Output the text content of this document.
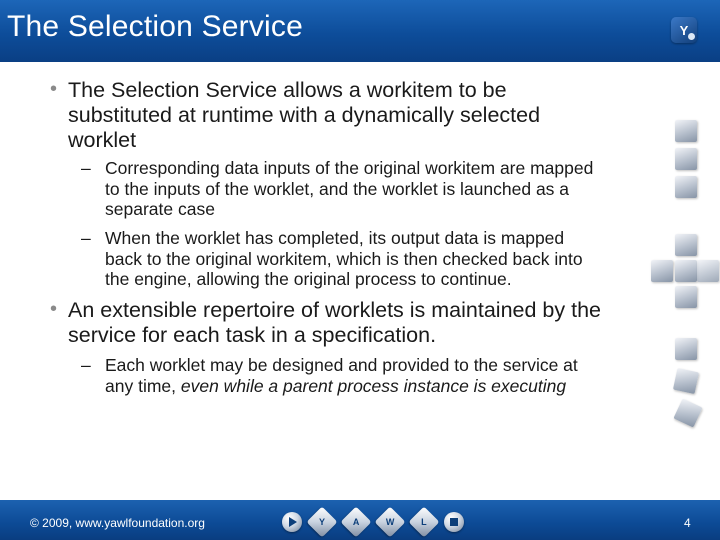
The Selection Service	Y
• The Selection Service allows a workitem to be
substituted at runtime with a dynamically selected
worklet
– Corresponding data inputs of the original workitem are mapped
to the inputs of the worklet, and the worklet is launched as a
separate case
– When the worklet has completed, its output data is mapped
back to the original workitem, which is then checked back into
the engine, allowing the original process to continue.
• An extensible repertoire of worklets is maintained by the
service for each task in a specification.
– Each worklet may be designed and provided to the service at
any time, even while a parent process instance is executing
© 2009, www.yawlfoundation.org	4
Y	A	W	L
